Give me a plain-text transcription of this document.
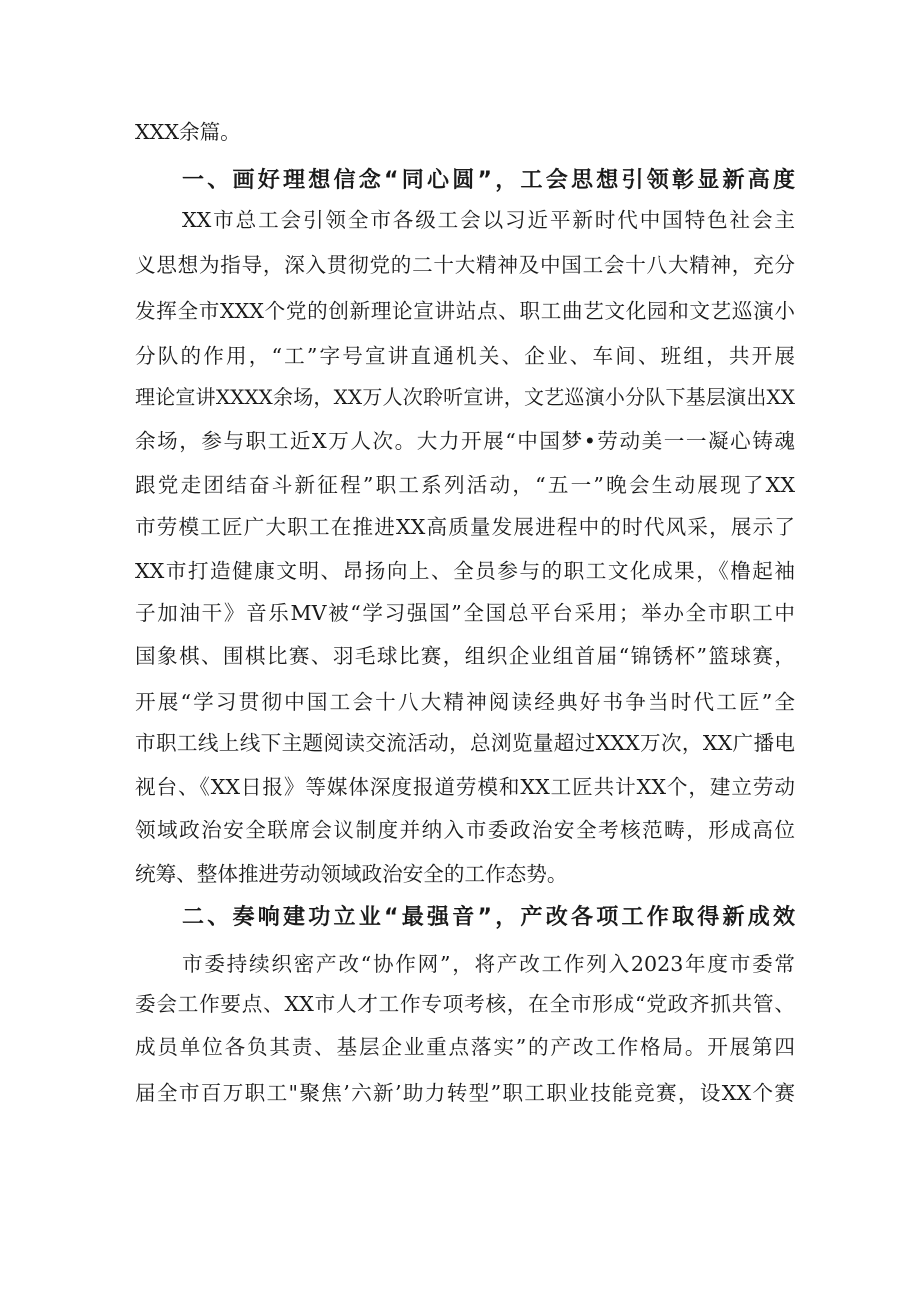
XXX余篇。

一、画好理想信念“同心圆”，工会思想引领彰显新高度

XX市总工会引领全市各级工会以习近平新时代中国特色社会主

义思想为指导，深入贯彻党的二十大精神及中国工会十八大精神，充分

发挥全市XXX个党的创新理论宣讲站点、职工曲艺文化园和文艺巡演小

分队的作用，“工”字号宣讲直通机关、企业、车间、班组，共开展

理论宣讲XXXX余场，XX万人次聆听宣讲，文艺巡演小分队下基层演出XX

余场，参与职工近X万人次。大力开展“中国梦•劳动美一一凝心铸魂

跟党走团结奋斗新征程”职工系列活动，“五一”晚会生动展现了XX

市劳模工匠广大职工在推进XX高质量发展进程中的时代风采，展示了

XX市打造健康文明、昂扬向上、全员参与的职工文化成果，《橹起袖

子加油干》音乐MV被“学习强国”全国总平台采用；举办全市职工中

国象棋、围棋比赛、羽毛球比赛，组织企业组首届“锦锈杯”篮球赛，

开展“学习贯彻中国工会十八大精神阅读经典好书争当时代工匠”全

市职工线上线下主题阅读交流活动，总浏览量超过XXX万次，XX广播电

视台、《XX日报》等媒体深度报道劳模和XX工匠共计XX个，建立劳动

领域政治安全联席会议制度并纳入市委政治安全考核范畴，形成高位

统筹、整体推进劳动领域政治安全的工作态势。

二、奏响建功立业“最强音”，产改各项工作取得新成效

市委持续织密产改“协作网”，将产改工作列入2023年度市委常

委会工作要点、XX市人才工作专项考核，在全市形成“党政齐抓共管、

成员单位各负其责、基层企业重点落实”的产改工作格局。开展第四

届全市百万职工"聚焦’六新’助力转型”职工职业技能竞赛，设XX个赛
